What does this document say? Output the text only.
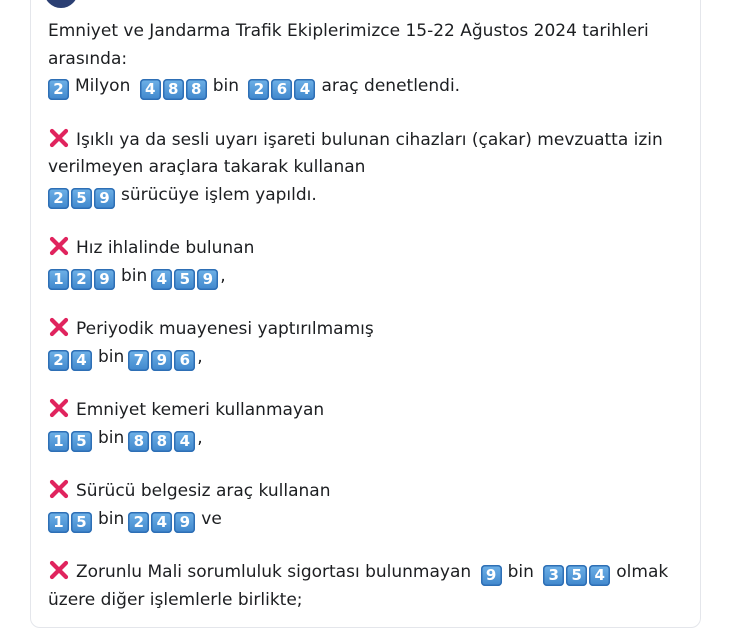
Emniyet ve Jandarma Trafik Ekiplerimizce 15-22 Ağustos 2024 tarihleri
arasında:
2 Milyon 4 8 8 bin 2 6 4 araç denetlendi.
Işıklı ya da sesli uyarı işareti bulunan cihazları (çakar) mevzuatta izin
verilmeyen araçlara takarak kullanan
2 5 9 sürücüye işlem yapıldı.
Hız ihlalinde bulunan
1 2 9 bin 4 5 9 ,
Periyodik muayenesi yaptırılmamış
2 4 bin 7 9 6 ,
Emniyet kemeri kullanmayan
1 5 bin 8 8 4 ,
Sürücü belgesiz araç kullanan
1 5 bin 2 4 9 ve
Zorunlu Mali sorumluluk sigortası bulunmayan 9 bin 3 5 4 olmak
üzere diğer işlemlerle birlikte;
